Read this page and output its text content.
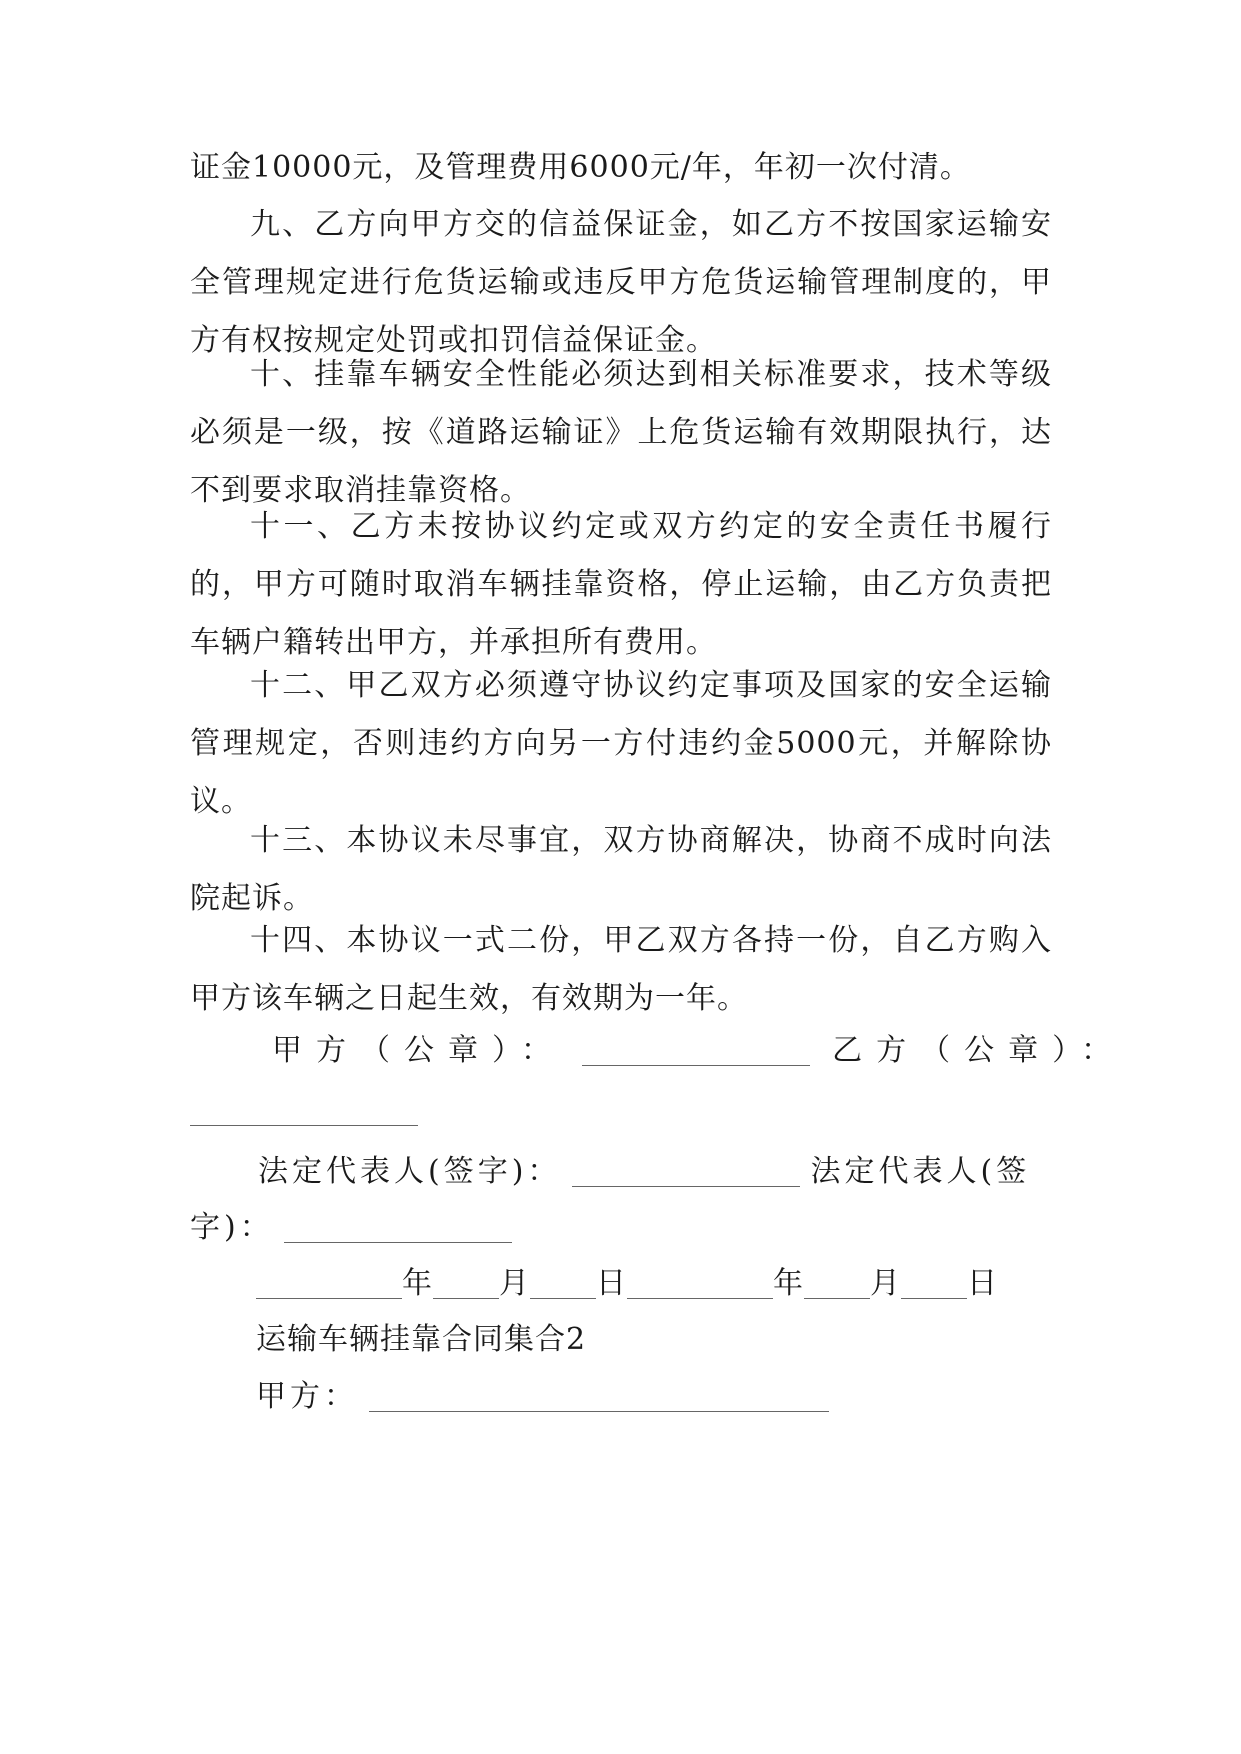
证金10000元，及管理费用6000元/年，年初一次付清。

九、乙方向甲方交的信益保证金，如乙方不按国家运输安全管理规定进行危货运输或违反甲方危货运输管理制度的，甲方有权按规定处罚或扣罚信益保证金。

十、挂靠车辆安全性能必须达到相关标准要求，技术等级必须是一级，按《道路运输证》上危货运输有效期限执行，达不到要求取消挂靠资格。

十一、乙方未按协议约定或双方约定的安全责任书履行的，甲方可随时取消车辆挂靠资格，停止运输，由乙方负责把车辆户籍转出甲方，并承担所有费用。

十二、甲乙双方必须遵守协议约定事项及国家的安全运输管理规定，否则违约方向另一方付违约金5000元，并解除协议。

十三、本协议未尽事宜，双方协商解决，协商不成时向法院起诉。

十四、本协议一式二份，甲乙双方各持一份，自乙方购入甲方该车辆之日起生效，有效期为一年。

甲方（公章）：	乙方（公章）：
法定代表人(签字)：	法定代表人(签
字)：
年 月 日	年 月 日
运输车辆挂靠合同集合2
甲方：
